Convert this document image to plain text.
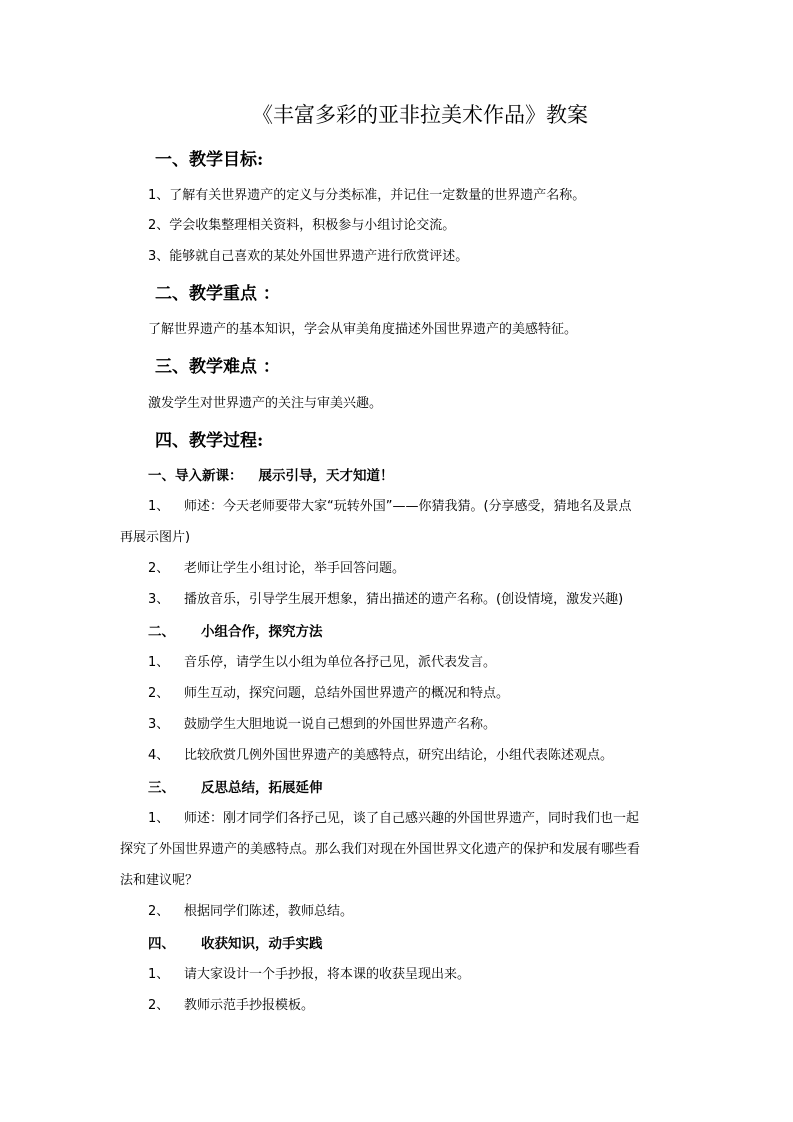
《丰富多彩的亚非拉美术作品》教案
一、教学目标:
1、了解有关世界遗产的定义与分类标准，并记住一定数量的世界遗产名称。
2、学会收集整理相关资料，积极参与小组讨论交流。
3、能够就自己喜欢的某处外国世界遗产进行欣赏评述。
二、教学重点 ：
了解世界遗产的基本知识，学会从审美角度描述外国世界遗产的美感特征。
三、教学难点 ：
激发学生对世界遗产的关注与审美兴趣。
四、教学过程:
一、导入新课： 展示引导，天才知道！
1、 师述：今天老师要带大家“玩转外国”——你猜我猜。(分享感受，猜地名及景点
再展示图片)
2、 老师让学生小组讨论，举手回答问题。
3、 播放音乐，引导学生展开想象，猜出描述的遗产名称。(创设情境，激发兴趣)
二、 小组合作，探究方法
1、 音乐停，请学生以小组为单位各抒己见，派代表发言。
2、 师生互动，探究问题，总结外国世界遗产的概况和特点。
3、 鼓励学生大胆地说一说自己想到的外国世界遗产名称。
4、 比较欣赏几例外国世界遗产的美感特点，研究出结论，小组代表陈述观点。
三、 反思总结，拓展延伸
1、 师述：刚才同学们各抒己见，谈了自己感兴趣的外国世界遗产，同时我们也一起
探究了外国世界遗产的美感特点。那么我们对现在外国世界文化遗产的保护和发展有哪些看
法和建议呢？
2、 根据同学们陈述，教师总结。
四、 收获知识，动手实践
1、 请大家设计一个手抄报，将本课的收获呈现出来。
2、 教师示范手抄报模板。
